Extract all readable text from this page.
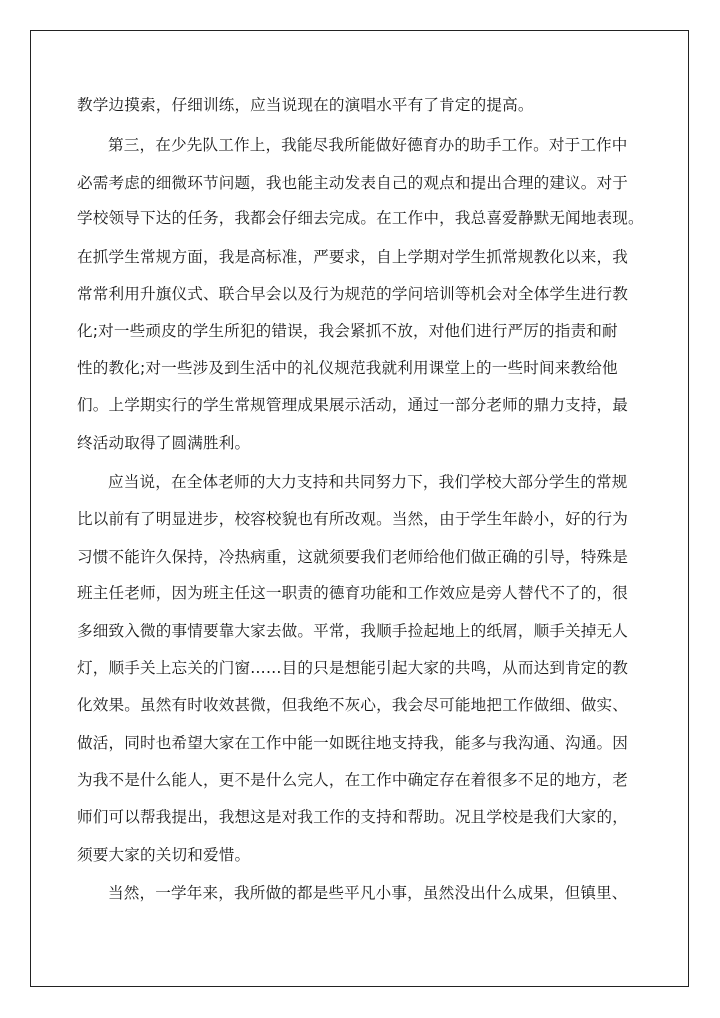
教学边摸索，仔细训练，应当说现在的演唱水平有了肯定的提高。
第三，在少先队工作上，我能尽我所能做好德育办的助手工作。对于工作中
必需考虑的细微环节问题，我也能主动发表自己的观点和提出合理的建议。对于
学校领导下达的任务，我都会仔细去完成。在工作中，我总喜爱静默无闻地表现。
在抓学生常规方面，我是高标准，严要求，自上学期对学生抓常规教化以来，我
常常利用升旗仪式、联合早会以及行为规范的学问培训等机会对全体学生进行教
化;对一些顽皮的学生所犯的错误，我会紧抓不放，对他们进行严厉的指责和耐
性的教化;对一些涉及到生活中的礼仪规范我就利用课堂上的一些时间来教给他
们。上学期实行的学生常规管理成果展示活动，通过一部分老师的鼎力支持，最
终活动取得了圆满胜利。
应当说，在全体老师的大力支持和共同努力下，我们学校大部分学生的常规
比以前有了明显进步，校容校貌也有所改观。当然，由于学生年龄小，好的行为
习惯不能许久保持，冷热病重，这就须要我们老师给他们做正确的引导，特殊是
班主任老师，因为班主任这一职责的德育功能和工作效应是旁人替代不了的，很
多细致入微的事情要靠大家去做。平常，我顺手捡起地上的纸屑，顺手关掉无人
灯，顺手关上忘关的门窗……目的只是想能引起大家的共鸣，从而达到肯定的教
化效果。虽然有时收效甚微，但我绝不灰心，我会尽可能地把工作做细、做实、
做活，同时也希望大家在工作中能一如既往地支持我，能多与我沟通、沟通。因
为我不是什么能人，更不是什么完人，在工作中确定存在着很多不足的地方，老
师们可以帮我提出，我想这是对我工作的支持和帮助。况且学校是我们大家的，
须要大家的关切和爱惜。
当然，一学年来，我所做的都是些平凡小事，虽然没出什么成果，但镇里、
